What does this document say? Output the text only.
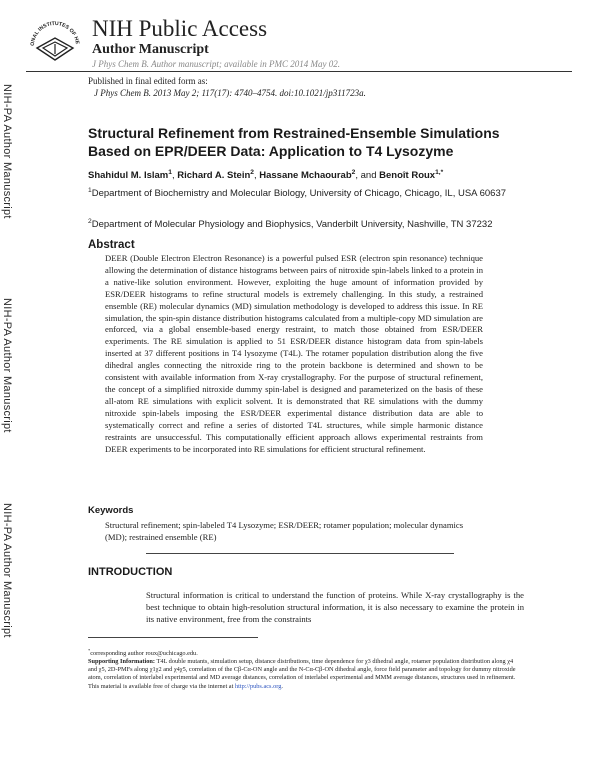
ONAL INSTITUTES OF HE
NIH Public Access
Author Manuscript
J Phys Chem B. Author manuscript; available in PMC 2014 May 02.
NIH-PA Author Manuscript
NIH-PA Author Manuscript
NIH-PA Author Manuscript
Published in final edited form as:
J Phys Chem B. 2013 May 2; 117(17): 4740–4754. doi:10.1021/jp311723a.
Structural Refinement from Restrained-Ensemble Simulations Based on EPR/DEER Data: Application to T4 Lysozyme
Shahidul M. Islam$^1$, Richard A. Stein$^2$, Hassane Mchaourab$^2$, and Benoît Roux$^{1,*}$
$^1$Department of Biochemistry and Molecular Biology, University of Chicago, Chicago, IL, USA 60637
$^2$Department of Molecular Physiology and Biophysics, Vanderbilt University, Nashville, TN 37232
Abstract
DEER (Double Electron Electron Resonance) is a powerful pulsed ESR (electron spin resonance) technique allowing the determination of distance histograms between pairs of nitroxide spin-labels linked to a protein in a native-like solution environment. However, exploiting the huge amount of information provided by ESR/DEER histograms to refine structural models is extremely challenging. In this study, a restrained ensemble (RE) molecular dynamics (MD) simulation methodology is developed to address this issue. In RE simulation, the spin-spin distance distribution histograms calculated from a multiple-copy MD simulation are enforced, via a global ensemble-based energy restraint, to match those obtained from ESR/DEER experiments. The RE simulation is applied to 51 ESR/DEER distance histogram data from spin-labels inserted at 37 different positions in T4 lysozyme (T4L). The rotamer population distribution along the five dihedral angles connecting the nitroxide ring to the protein backbone is determined and shown to be consistent with available information from X-ray crystallography. For the purpose of structural refinement, the concept of a simplified nitroxide dummy spin-label is designed and parameterized on the basis of these all-atom RE simulations with explicit solvent. It is demonstrated that RE simulations with the dummy nitroxide spin-labels imposing the ESR/DEER experimental distance distribution data are able to systematically correct and refine a series of distorted T4L structures, while simple harmonic distance restraints are unsuccessful. This computationally efficient approach allows experimental restraints from DEER experiments to be incorporated into RE simulations for efficient structural refinement.
Keywords
Structural refinement; spin-labeled T4 Lysozyme; ESR/DEER; rotamer population; molecular dynamics (MD); restrained ensemble (RE)
INTRODUCTION
Structural information is critical to understand the function of proteins. While X-ray crystallography is the best technique to obtain high-resolution structural information, it is also necessary to examine the protein in its native environment, free from the constraints
*corresponding author roux@uchicago.edu.
Supporting Information: T4L double mutants, simulation setup, distance distributions, time dependence for χ3 dihedral angle, rotamer population distribution along χ4 and χ5, 2D-PMFs along χ1χ2 and χ4χ5, correlation of the Cβ-Cα-ON angle and the N-Cα-Cβ-ON dihedral angle, force field parameter and topology for dummy nitroxide atom, correlation of interlabel experimental and MD average distances, correlation of interlabel experimental and MMM average distances, structures used in refinement. This material is available free of charge via the internet at http://pubs.acs.org.
